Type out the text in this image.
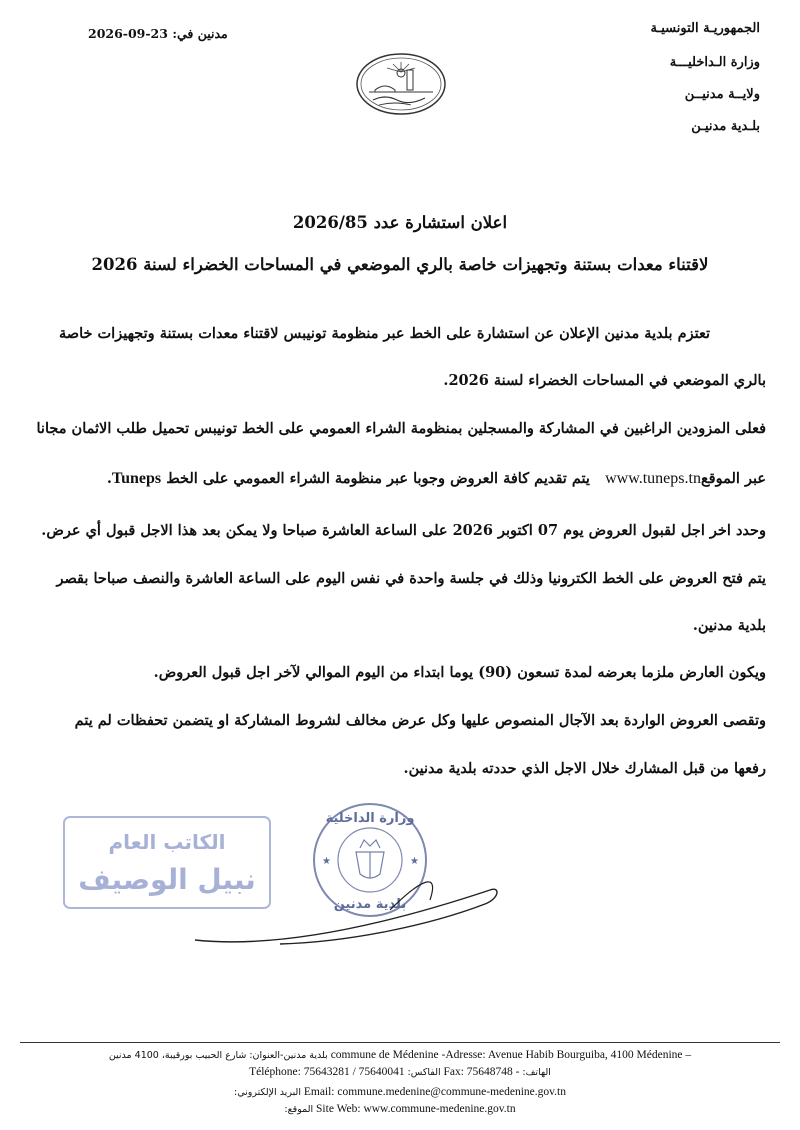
الجمهوريـة التونسيـة
وزارة الـداخليـــة
ولايــة مدنيــن
بلـدية مدنيـن
2026-09-23 مدنين في:
اعلان استشارة عدد 2026/85
لاقتناء معدات بستنة وتجهيزات خاصة بالري الموضعي في المساحات الخضراء لسنة 2026
تعتزم بلدية مدنين الإعلان عن استشارة على الخط عبر منظومة تونيبس لاقتناء معدات بستنة وتجهيزات خاصة
بالري الموضعي في المساحات الخضراء لسنة 2026.
فعلى المزودين الراغبين في المشاركة والمسجلين بمنظومة الشراء العمومي على الخط تونيبس تحميل طلب الاثمان مجانا
عبر الموقعwww.tuneps.tn   يتم تقديم كافة العروض وجوبا عبر منظومة الشراء العمومي على الخط Tuneps.
وحدد اخر اجل لقبول العروض يوم 07 اكتوبر 2026 على الساعة العاشرة صباحا ولا يمكن بعد هذا الاجل قبول أي عرض.
يتم فتح العروض على الخط الكترونيا وذلك في جلسة واحدة في نفس اليوم على الساعة العاشرة والنصف صباحا بقصر
بلدية مدنين.
ويكون العارض ملزما بعرضه لمدة تسعون (90) يوما ابتداء من اليوم الموالي لآخر اجل قبول العروض.
وتقصى العروض الواردة بعد الآجال المنصوص عليها وكل عرض مخالف لشروط المشاركة او يتضمن تحفظات لم يتم
رفعها من قبل المشارك خلال الاجل الذي حددته بلدية مدنين.
الكاتب العام
نبيل الوصيف
وزارة الداخلية
بلدية مدنين
★	★
بلدية مدنين-العنوان: شارع الحبيب بورقيبة، 4100 مدنين commune de Médenine -Adresse: Avenue Habib Bourguiba, 4100 Médenine –
Téléphone: 75643281 / 75640041 الفاكس: Fax: 75648748 - الهاتف:
البريد الإلكتروني: Email: commune.medenine@commune-medenine.gov.tn
الموقع: Site Web: www.commune-medenine.gov.tn
